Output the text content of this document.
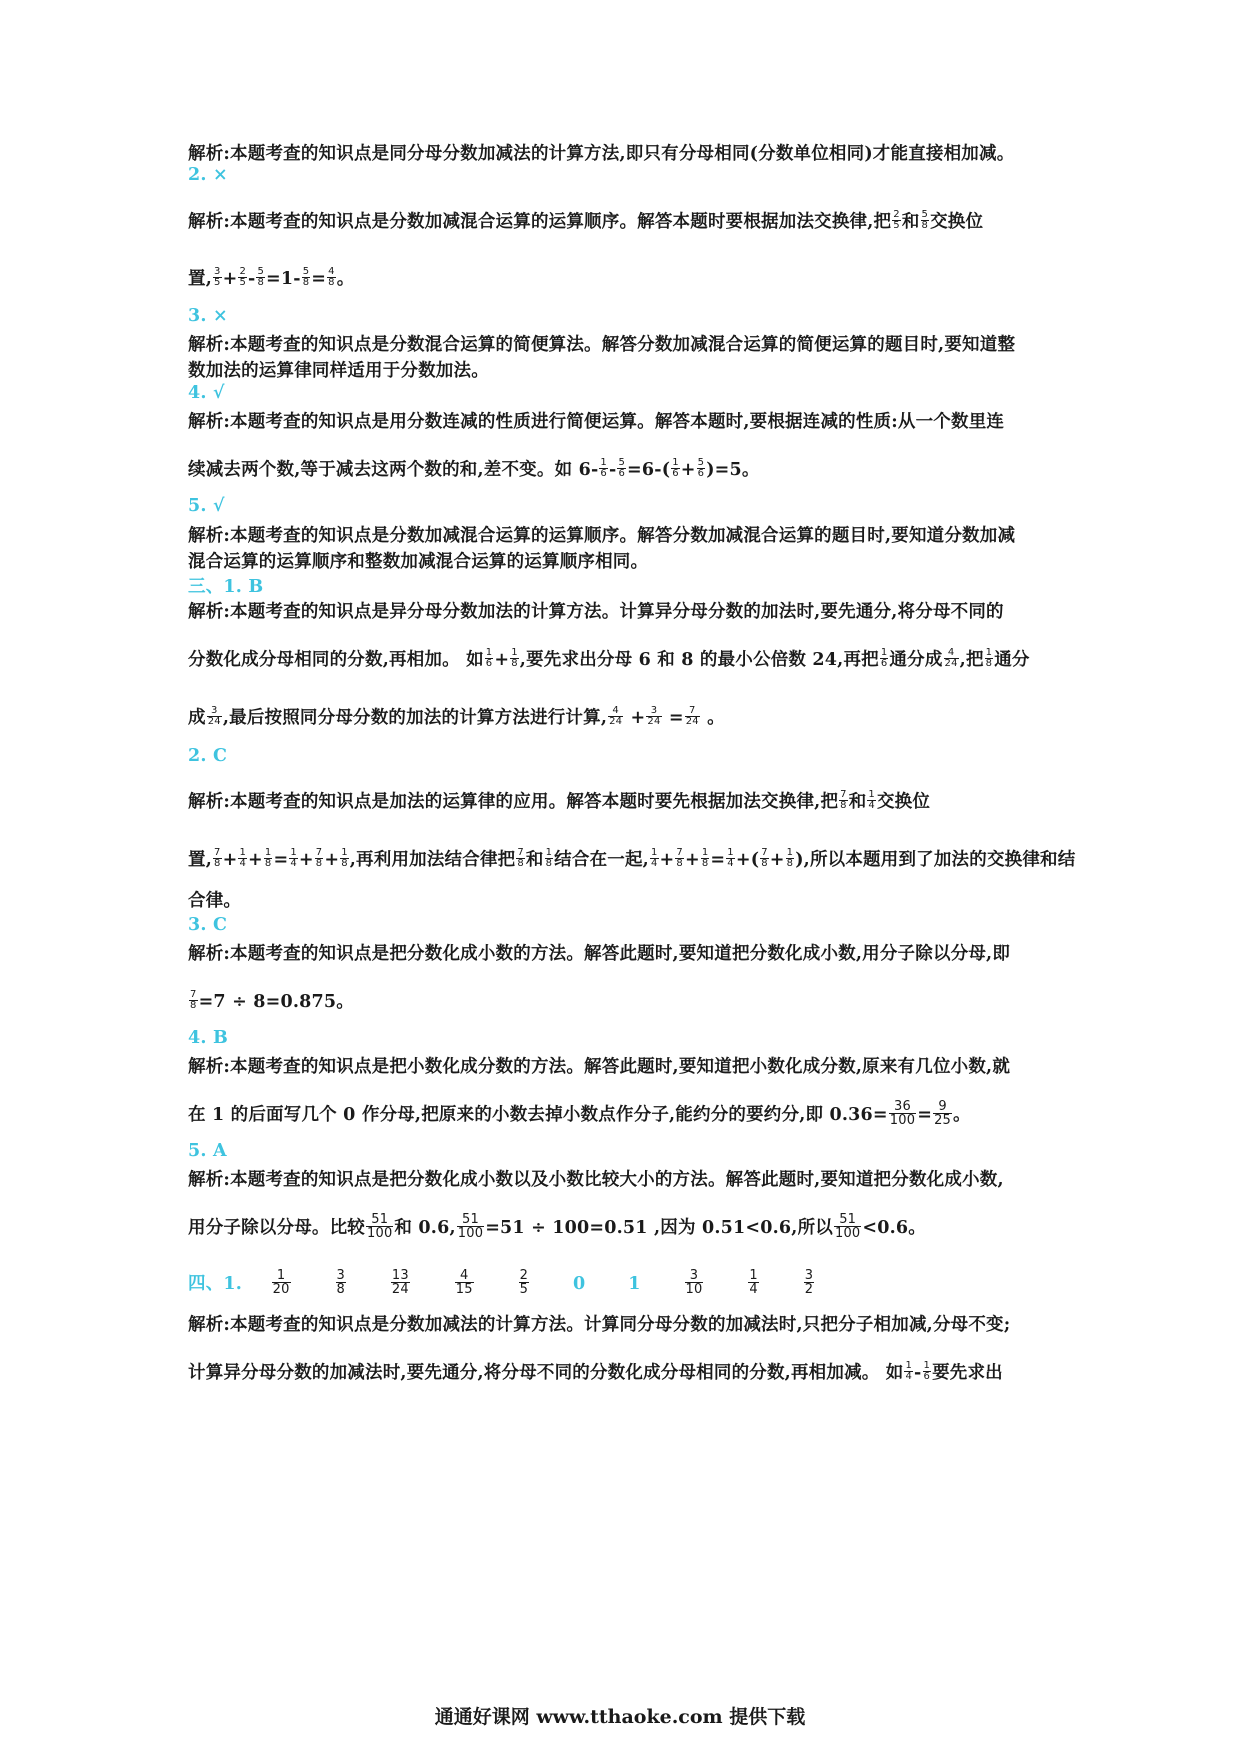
解析:本题考查的知识点是同分母分数加减法的计算方法,即只有分母相同(分数单位相同)才能直接相加减。
2. ×
解析:本题考查的知识点是分数加减混合运算的运算顺序。解答本题时要根据加法交换律,把 $\frac{2}{5}$ 和 $\frac{5}{8}$ 交换位
置, $\frac{3}{5} + \frac{2}{5} - \frac{5}{8} =1- \frac{5}{8} = \frac{4}{8}$ 。
3. ×
解析:本题考查的知识点是分数混合运算的简便算法。解答分数加减混合运算的简便运算的题目时,要知道整
数加法的运算律同样适用于分数加法。
4. √
解析:本题考查的知识点是用分数连减的性质进行简便运算。解答本题时,要根据连减的性质:从一个数里连
续减去两个数,等于减去这两个数的和,差不变。如 $6- \frac{1}{6} - \frac{5}{6} =6-( \frac{1}{6} + \frac{5}{6} )=5$。
5. √
解析:本题考查的知识点是分数加减混合运算的运算顺序。解答分数加减混合运算的题目时,要知道分数加减
混合运算的运算顺序和整数加减混合运算的运算顺序相同。
三、1. B
解析:本题考查的知识点是异分母分数加法的计算方法。计算异分母分数的加法时,要先通分,将分母不同的
分数化成分母相同的分数,再相加。 如 $\frac{1}{6} + \frac{1}{8}$ ,要先求出分母 6 和 8 的最小公倍数 24,再把 $\frac{1}{6}$ 通分成 $\frac{4}{24}$ ,把 $\frac{1}{8}$ 通分
成 $\frac{3}{24}$ ,最后按照同分母分数的加法的计算方法进行计算, $\frac{4}{24} + \frac{3}{24} = \frac{7}{24}$ 。
2. C
解析:本题考查的知识点是加法的运算律的应用。解答本题时要先根据加法交换律,把 $\frac{7}{8}$ 和 $\frac{1}{4}$ 交换位
置, $\frac{7}{8} + \frac{1}{4} + \frac{1}{8} = \frac{1}{4} + \frac{7}{8} + \frac{1}{8}$ ,再利用加法结合律把 $\frac{7}{8}$ 和 $\frac{1}{8}$ 结合在一起, $\frac{1}{4} + \frac{7}{8} + \frac{1}{8} = \frac{1}{4}$ +( $\frac{7}{8} + \frac{1}{8}$ ),所以本题用到了加法的交换律和结
合律。
3. C
解析:本题考查的知识点是把分数化成小数的方法。解答此题时,要知道把分数化成小数,用分子除以分母,即
$\frac{7}{8} =7 \div 8=0.875$。
4. B
解析:本题考查的知识点是把小数化成分数的方法。解答此题时,要知道把小数化成分数,原来有几位小数,就
在 1 的后面写几个 0 作分母,把原来的小数去掉小数点作分子,能约分的要约分,即 $0.36= \frac{36}{100} = \frac{9}{25}$ 。
5. A
解析:本题考查的知识点是把分数化成小数以及小数比较大小的方法。解答此题时,要知道把分数化成小数,
用分子除以分母。比较 $\frac{51}{100}$ 和 0.6, $\frac{51}{100} =51 \div 100=0.51$ ,因为 0.51<0.6,所以 $\frac{51}{100} <0.6$。
四、1. $\frac{1}{20}$
	$\frac{3}{8}$
	$\frac{13}{24}$
	$\frac{4}{15}$
	$\frac{2}{5}$	0 1	$\frac{3}{10}$
	$\frac{1}{4}$
	$\frac{3}{2}$
解析:本题考查的知识点是分数加减法的计算方法。计算同分母分数的加减法时,只把分子相加减,分母不变;
计算异分母分数的加减法时,要先通分,将分母不同的分数化成分母相同的分数,再相加减。 如 $\frac{1}{4} - \frac{1}{6}$ 要先求出
通通好课网 www.tthaoke.com 提供下载
